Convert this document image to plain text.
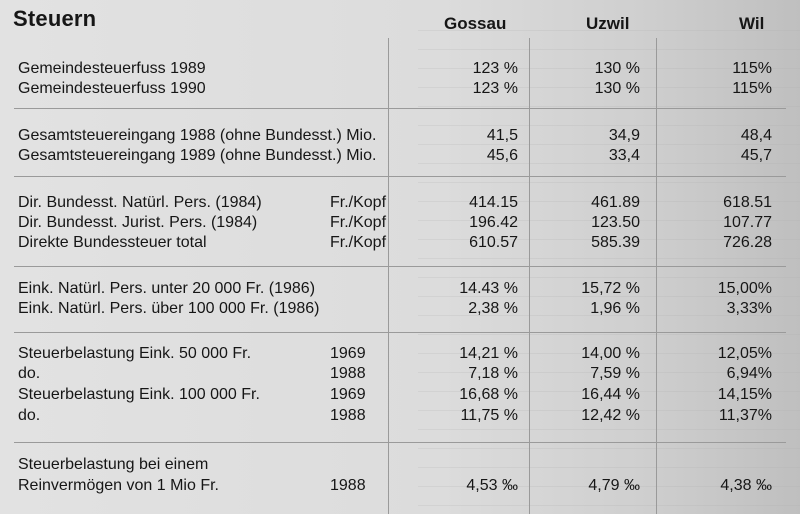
Steuern	Gossau	Uzwil	Wil
Gemeindesteuerfuss 1989	123 %	130 %	115%
Gemeindesteuerfuss 1990	123 %	130 %	115%
Gesamtsteuereingang 1988 (ohne Bundesst.) Mio.	41,5	34,9	48,4
Gesamtsteuereingang 1989 (ohne Bundesst.) Mio.	45,6	33,4	45,7
Dir. Bundesst. Natürl. Pers. (1984)	Fr./Kopf	414.15	461.89	618.51
Dir. Bundesst. Jurist. Pers. (1984)	Fr./Kopf	196.42	123.50	107.77
Direkte Bundessteuer total	Fr./Kopf	610.57	585.39	726.28
Eink. Natürl. Pers. unter 20 000 Fr. (1986)	14.43 %	15,72 %	15,00%
Eink. Natürl. Pers. über 100 000 Fr. (1986)	2,38 %	1,96 %	3,33%
Steuerbelastung Eink. 50 000 Fr.	1969	14,21 %	14,00 %	12,05%
do.	1988	7,18 %	7,59 %	6,94%
Steuerbelastung Eink. 100 000 Fr.	1969	16,68 %	16,44 %	14,15%
do.	1988	11,75 %	12,42 %	11,37%
Steuerbelastung bei einem
Reinvermögen von 1 Mio Fr.	1988	4,53 ‰	4,79 ‰	4,38 ‰
